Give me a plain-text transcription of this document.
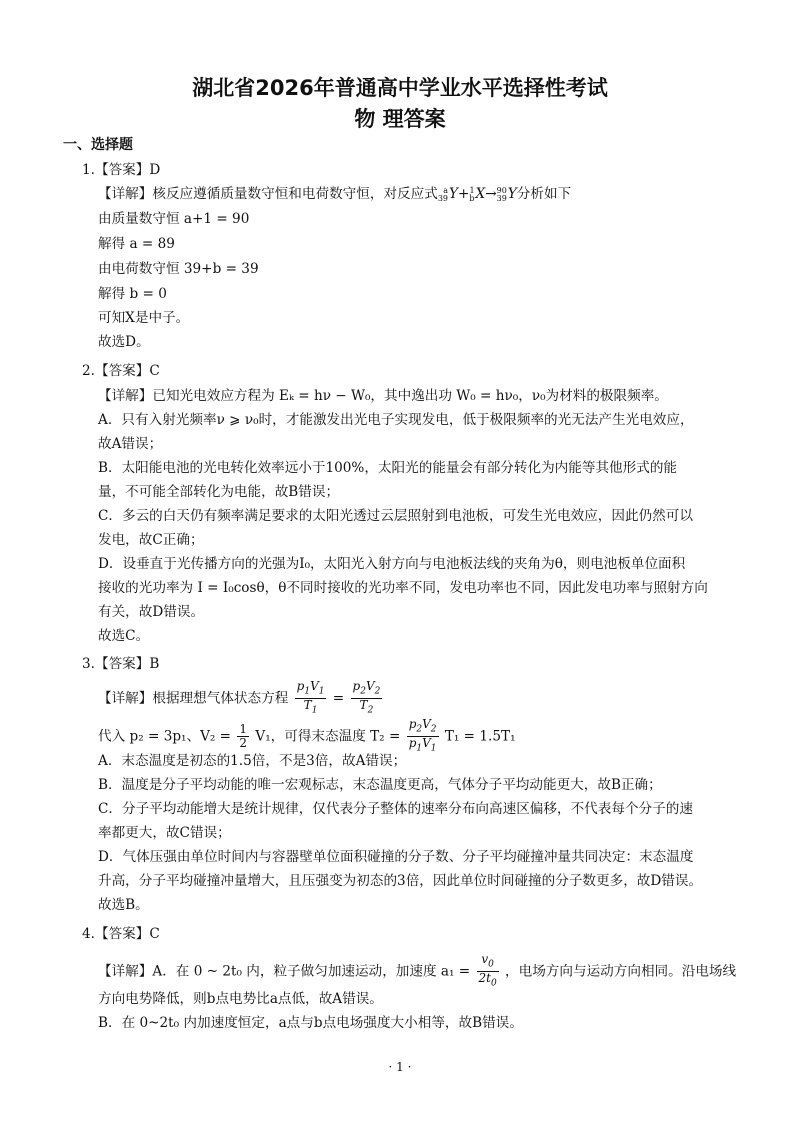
湖北省2026年普通高中学业水平选择性考试
物 理答案
一、选择题
1.【答案】D
【详解】核反应遵循质量数守恒和电荷数守恒，对反应式 a
39Y+1
bX→90
39Y分析如下
由质量数守恒 a+1 = 90
解得 a = 89
由电荷数守恒 39+b = 39
解得 b = 0
可知X是中子。
故选D。
2.【答案】C
【详解】已知光电效应方程为 Eₖ = hν − W₀，其中逸出功 W₀ = hν₀，ν₀为材料的极限频率。
A．只有入射光频率ν ⩾ ν₀时，才能激发出光电子实现发电，低于极限频率的光无法产生光电效应，
故A错误；
B．太阳能电池的光电转化效率远小于100%，太阳光的能量会有部分转化为内能等其他形式的能
量，不可能全部转化为电能，故B错误；
C．多云的白天仍有频率满足要求的太阳光透过云层照射到电池板，可发生光电效应，因此仍然可以
发电，故C正确；
D．设垂直于光传播方向的光强为I₀，太阳光入射方向与电池板法线的夹角为θ，则电池板单位面积
接收的光功率为 I = I₀cosθ，θ不同时接收的光功率不同，发电功率也不同，因此发电功率与照射方向
有关，故D错误。
故选C。
3.【答案】B
【详解】根据理想气体状态方程 $\frac{p_1V_1}{T_1} = \frac{p_2V_2}{T_2}$
代入 p₂ = 3p₁、$V_2 = \frac{1}{2} V_1$，可得末态温度 $T_2 = \frac{p_2V_2}{p_1V_1} T_1 = 1.5T_1$
A．末态温度是初态的1.5倍，不是3倍，故A错误；
B．温度是分子平均动能的唯一宏观标志，末态温度更高，气体分子平均动能更大，故B正确；
C．分子平均动能增大是统计规律，仅代表分子整体的速率分布向高速区偏移，不代表每个分子的速
率都更大，故C错误；
D．气体压强由单位时间内与容器壁单位面积碰撞的分子数、分子平均碰撞冲量共同决定：末态温度
升高，分子平均碰撞冲量增大，且压强变为初态的3倍，因此单位时间碰撞的分子数更多，故D错误。
故选B。
4.【答案】C
【详解】A．在 0 ~ 2t₀ 内，粒子做匀加速运动，加速度 $a_1 = \frac{v_0}{2t_0}$ ，电场方向与运动方向相同。沿电场线
方向电势降低，则b点电势比a点低，故A错误。
B．在 0~2t₀ 内加速度恒定，a点与b点电场强度大小相等，故B错误。
· 1 ·
